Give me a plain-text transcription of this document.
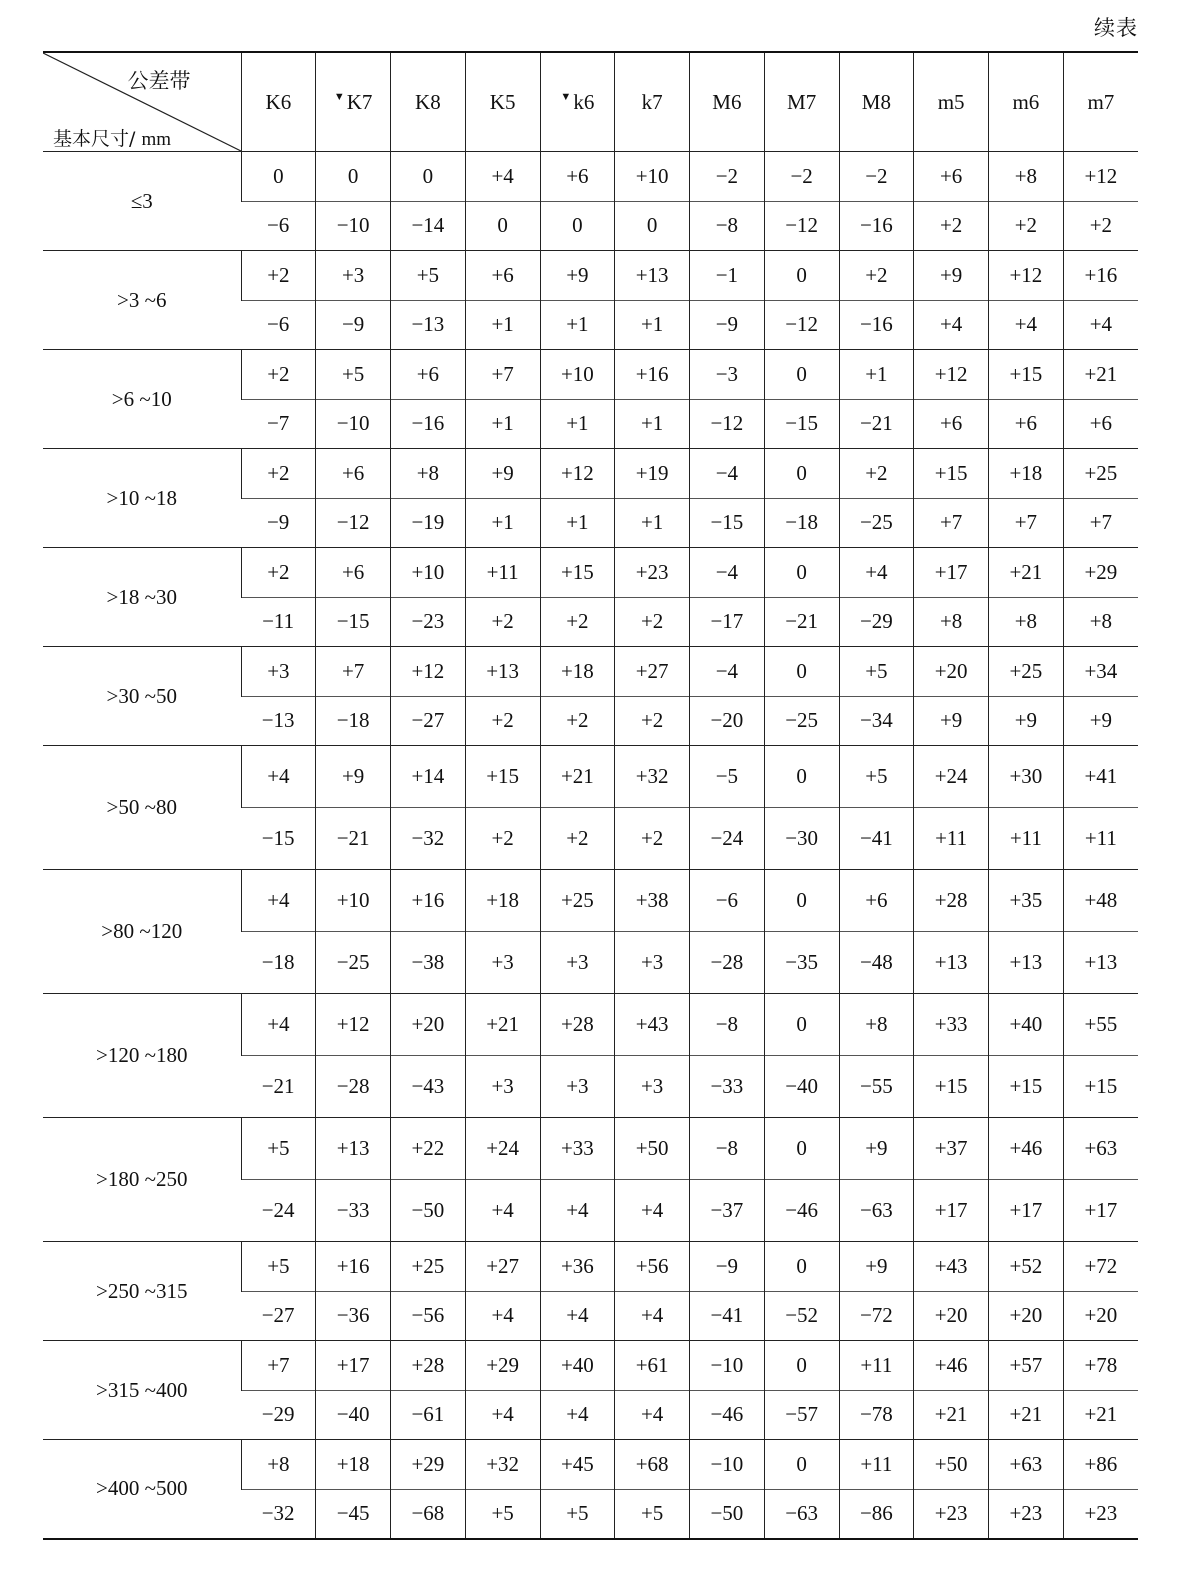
续表
公差带
基本尺寸/ mm	K6	▼K7	K8	K5	▼k6	k7	M6	M7	M8	m5	m6	m7
≤3	0	0	0	+4	+6	+10	−2	−2	−2	+6	+8	+12
	−6	−10	−14	0	0	0	−8	−12	−16	+2	+2	+2
>3 ~6	+2	+3	+5	+6	+9	+13	−1	0	+2	+9	+12	+16
	−6	−9	−13	+1	+1	+1	−9	−12	−16	+4	+4	+4
>6 ~10	+2	+5	+6	+7	+10	+16	−3	0	+1	+12	+15	+21
	−7	−10	−16	+1	+1	+1	−12	−15	−21	+6	+6	+6
>10 ~18	+2	+6	+8	+9	+12	+19	−4	0	+2	+15	+18	+25
	−9	−12	−19	+1	+1	+1	−15	−18	−25	+7	+7	+7
>18 ~30	+2	+6	+10	+11	+15	+23	−4	0	+4	+17	+21	+29
	−11	−15	−23	+2	+2	+2	−17	−21	−29	+8	+8	+8
>30 ~50	+3	+7	+12	+13	+18	+27	−4	0	+5	+20	+25	+34
	−13	−18	−27	+2	+2	+2	−20	−25	−34	+9	+9	+9
>50 ~80	+4	+9	+14	+15	+21	+32	−5	0	+5	+24	+30	+41
	−15	−21	−32	+2	+2	+2	−24	−30	−41	+11	+11	+11
>80 ~120	+4	+10	+16	+18	+25	+38	−6	0	+6	+28	+35	+48
	−18	−25	−38	+3	+3	+3	−28	−35	−48	+13	+13	+13
>120 ~180	+4	+12	+20	+21	+28	+43	−8	0	+8	+33	+40	+55
	−21	−28	−43	+3	+3	+3	−33	−40	−55	+15	+15	+15
>180 ~250	+5	+13	+22	+24	+33	+50	−8	0	+9	+37	+46	+63
	−24	−33	−50	+4	+4	+4	−37	−46	−63	+17	+17	+17
>250 ~315	+5	+16	+25	+27	+36	+56	−9	0	+9	+43	+52	+72
	−27	−36	−56	+4	+4	+4	−41	−52	−72	+20	+20	+20
>315 ~400	+7	+17	+28	+29	+40	+61	−10	0	+11	+46	+57	+78
	−29	−40	−61	+4	+4	+4	−46	−57	−78	+21	+21	+21
>400 ~500	+8	+18	+29	+32	+45	+68	−10	0	+11	+50	+63	+86
	−32	−45	−68	+5	+5	+5	−50	−63	−86	+23	+23	+23
